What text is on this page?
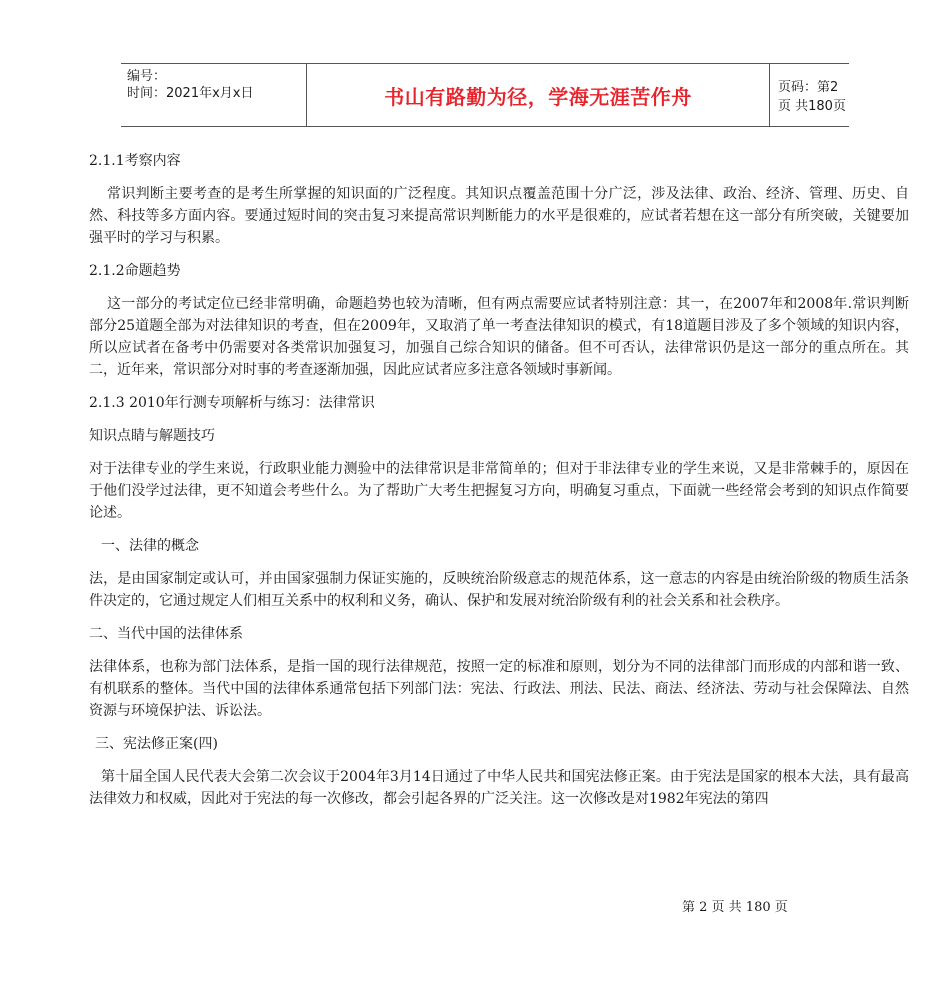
编号：
时间：2021年x月x日	书山有路勤为径，学海无涯苦作舟	页码：第2页 共180页

2.1.1考察内容

常识判断主要考查的是考生所掌握的知识面的广泛程度。其知识点覆盖范围十分广泛，涉及法律、政治、经济、管理、历史、自然、科技等多方面内容。要通过短时间的突击复习来提高常识判断能力的水平是很难的，应试者若想在这一部分有所突破，关键要加强平时的学习与积累。

2.1.2命题趋势

这一部分的考试定位已经非常明确，命题趋势也较为清晰，但有两点需要应试者特别注意：其一，在2007年和2008年.常识判断部分25道题全部为对法律知识的考查，但在2009年，又取消了单一考查法律知识的模式，有18道题目涉及了多个领域的知识内容，所以应试者在备考中仍需要对各类常识加强复习，加强自己综合知识的储备。但不可否认，法律常识仍是这一部分的重点所在。其二，近年来，常识部分对时事的考查逐渐加强，因此应试者应多注意各领域时事新闻。

2.1.3 2010年行测专项解析与练习：法律常识

知识点睛与解题技巧

对于法律专业的学生来说，行政职业能力测验中的法律常识是非常简单的；但对于非法律专业的学生来说，又是非常棘手的，原因在于他们没学过法律，更不知道会考些什么。为了帮助广大考生把握复习方向，明确复习重点，下面就一些经常会考到的知识点作简要论述。

一、法律的概念

法，是由国家制定或认可，并由国家强制力保证实施的，反映统治阶级意志的规范体系，这一意志的内容是由统治阶级的物质生活条件决定的，它通过规定人们相互关系中的权利和义务，确认、保护和发展对统治阶级有利的社会关系和社会秩序。

二、当代中国的法律体系

法律体系，也称为部门法体系，是指一国的现行法律规范，按照一定的标准和原则，划分为不同的法律部门而形成的内部和谐一致、有机联系的整体。当代中国的法律体系通常包括下列部门法：宪法、行政法、刑法、民法、商法、经济法、劳动与社会保障法、自然资源与环境保护法、诉讼法。

三、宪法修正案(四)

第十届全国人民代表大会第二次会议于2004年3月14日通过了中华人民共和国宪法修正案。由于宪法是国家的根本大法，具有最高法律效力和权威，因此对于宪法的每一次修改，都会引起各界的广泛关注。这一次修改是对1982年宪法的第四

第 2 页 共 180 页
